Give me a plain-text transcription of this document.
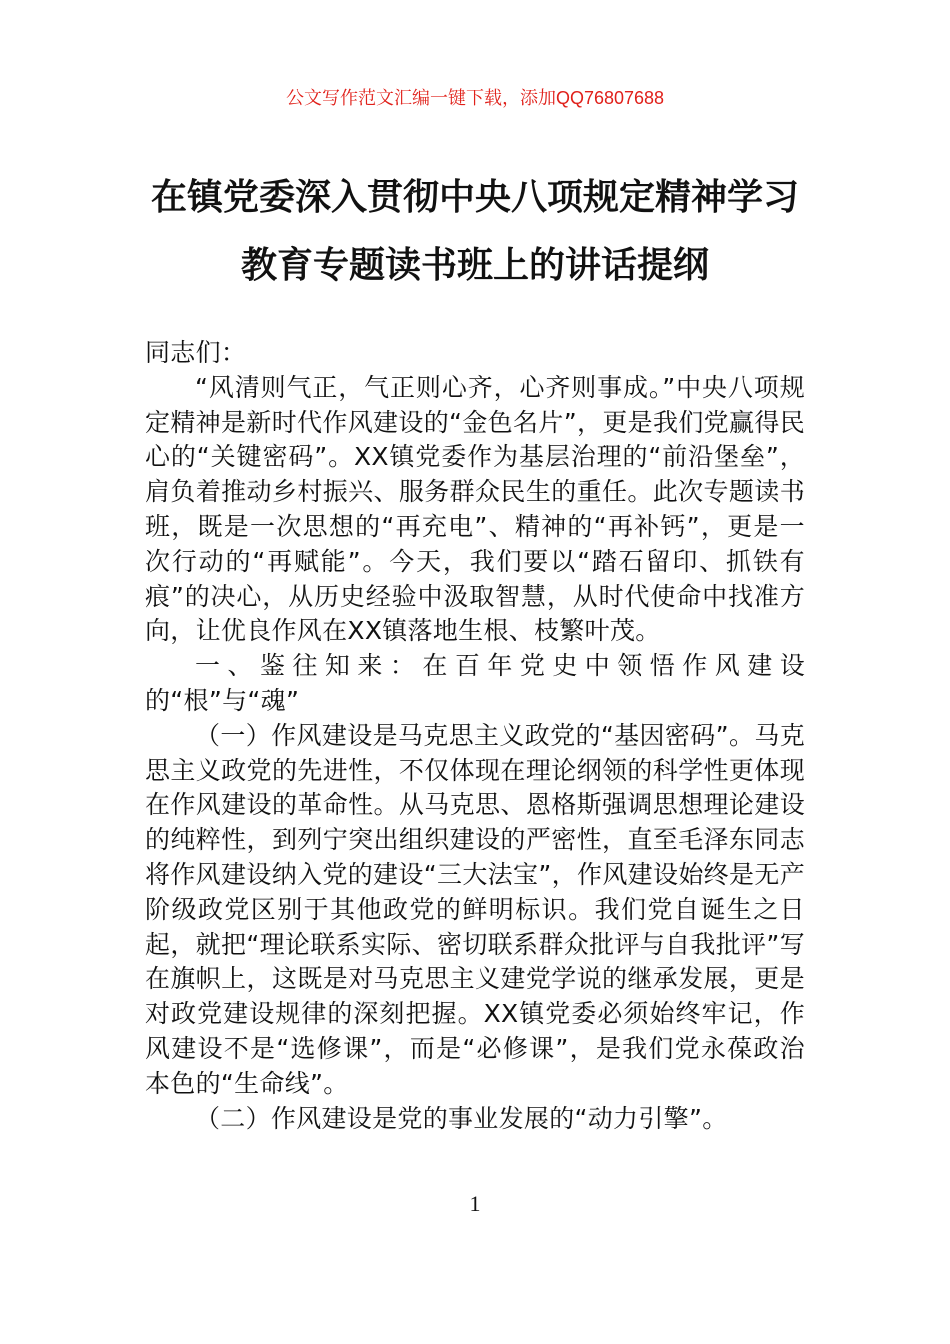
公文写作范文汇编一键下载，添加QQ76807688
在镇党委深入贯彻中央八项规定精神学习
教育专题读书班上的讲话提纲

同志们：

“风清则气正，气正则心齐，心齐则事成。”中央八项规定精神是新时代作风建设的“金色名片”，更是我们党赢得民心的“关键密码”。XX镇党委作为基层治理的“前沿堡垒”，肩负着推动乡村振兴、服务群众民生的重任。此次专题读书班，既是一次思想的“再充电”、精神的“再补钙”，更是一次行动的“再赋能”。今天，我们要以“踏石留印、抓铁有痕”的决心，从历史经验中汲取智慧，从时代使命中找准方向，让优良作风在XX镇落地生根、枝繁叶茂。

一、鉴往知来：在百年党史中领悟作风建设的“根”与“魂”

（一）作风建设是马克思主义政党的“基因密码”。马克思主义政党的先进性，不仅体现在理论纲领的科学性更体现在作风建设的革命性。从马克思、恩格斯强调思想理论建设的纯粹性，到列宁突出组织建设的严密性，直至毛泽东同志将作风建设纳入党的建设“三大法宝”，作风建设始终是无产阶级政党区别于其他政党的鲜明标识。我们党自诞生之日起，就把“理论联系实际、密切联系群众批评与自我批评”写在旗帜上，这既是对马克思主义建党学说的继承发展，更是对政党建设规律的深刻把握。XX镇党委必须始终牢记，作风建设不是“选修课”，而是“必修课”，是我们党永葆政治本色的“生命线”。

（二）作风建设是党的事业发展的“动力引擎”。

1
